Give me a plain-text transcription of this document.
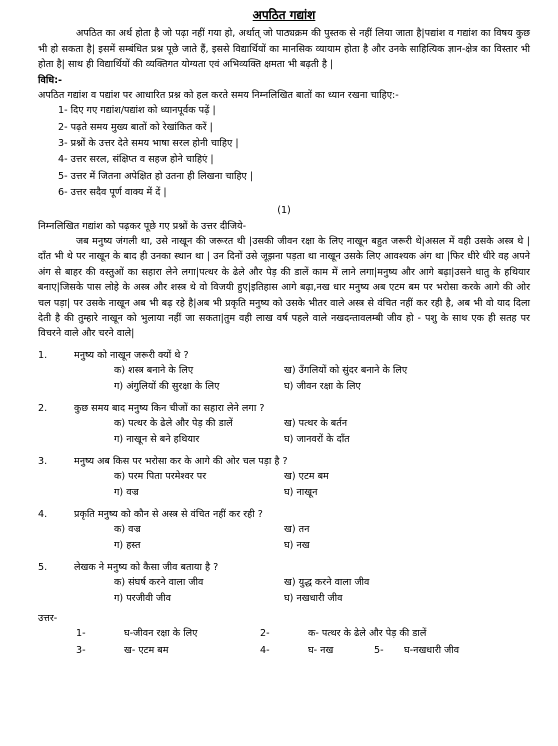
अपठित गद्यांश
अपठित का अर्थ होता है जो पढ़ा नहीं गया हो, अर्थात् जो पाठ्यक्रम की पुस्तक से नहीं लिया जाता है|पद्यांश व गद्यांश का विषय कुछ भी हो सकता है| इसमें सम्बंधित प्रश्न पूछे जाते हैं, इससे विद्यार्थियों का मानसिक व्यायाम होता है और उनके साहित्यिक ज्ञान-क्षेत्र का विस्तार भी होता है| साथ ही विद्यार्थियों की व्यक्तिगत योग्यता एवं अभिव्यक्ति क्षमता भी बढ़ती है |
विधि:-
अपठित गद्यांश व पद्यांश पर आधारित प्रश्न को हल करते समय निम्नलिखित बातों का ध्यान रखना चाहिए:-
1- दिए गए गद्यांश/पद्यांश को ध्यानपूर्वक पढ़ें |
2- पढ़ते समय मुख्य बातों को रेखांकित करें |
3- प्रश्नों के उत्तर देते समय भाषा सरल होनी चाहिए |
4- उत्तर सरल, संक्षिप्त व सहज होने चाहिएं |
5- उत्तर में जितना अपेक्षित हो उतना ही लिखना चाहिए |
6- उत्तर सदैव पूर्ण वाक्य में दें |
(1)
निम्नलिखित गद्यांश को पढ़कर पूछे गए प्रश्नों के उत्तर दीजिये-
जब मनुष्य जंगली था, उसे नाखून की जरूरत थी |उसकी जीवन रक्षा के लिए नाखून बहुत जरूरी थे|असल में वही उसके अस्त्र थे |दाँत भी थे पर नाखून के बाद ही उनका स्थान था | उन दिनों उसे जूझना पड़ता था नाखून उसके लिए आवश्यक अंग था |फिर धीरे धीरे वह अपने अंग से बाहर की वस्तुओं का सहारा लेने लगा|पत्थर के ढेले और पेड़ की डालें काम में लाने लगा|मनुष्य और आगे बढ़ा|उसने धातु के हथियार बनाए|जिसके पास लोहे के अस्त्र और शस्त्र थे वो विजयी हुए|इतिहास आगे बढ़ा,नख धार मनुष्य अब एटम बम पर भरोसा करके आगे की ओर चल पड़ा| पर उसके नाखून अब भी बढ़ रहे है|अब भी प्रकृति मनुष्य को उसके भीतर वाले अस्त्र से वंचित नहीं कर रही है, अब भी वो याद दिला देती है की तुम्हारे नाखून को भुलाया नहीं जा सकता|तुम वही लाख वर्ष पहले वाले नखदन्तावलम्बी जीव हो - पशु के साथ एक ही सतह पर विचरने वाले और चरने वाले|
1.	मनुष्य को नाखून जरूरी क्यों थे ?
क) शस्त्र बनाने के लिए	ख) उँगलियों को सुंदर बनाने के लिए
ग) अंगुलियों की सुरक्षा के लिए	घ) जीवन रक्षा के लिए
2.	कुछ समय बाद मनुष्य किन चीजों का सहारा लेने लगा ?
क) पत्थर के ढेले और पेड़ की डालें	ख) पत्थर के बर्तन
ग) नाखून से बने हथियार	घ) जानवरों के दाँत
3.	मनुष्य अब किस पर भरोसा कर के आगे की ओर चल पड़ा है ?
क) परम पिता परमेश्वर पर	ख) एटम बम
ग) वज्र	घ) नाखून
4.	प्रकृति मनुष्य को कौन से अस्त्र से वंचित नहीं कर रही ?
क) वज्र	ख) तन
ग) हस्त	घ) नख
5.	लेखक ने मनुष्य को कैसा जीव बताया है ?
क) संघर्ष करने वाला जीव	ख) युद्ध करने वाला जीव
ग) परजीवी जीव	घ) नखधारी जीव
उत्तर-
1-	घ-जीवन रक्षा के लिए	2-	क- पत्थर के ढेले और पेड़ की डालें
3-	ख- एटम बम	4-	घ- नख	5-	घ-नखधारी जीव
